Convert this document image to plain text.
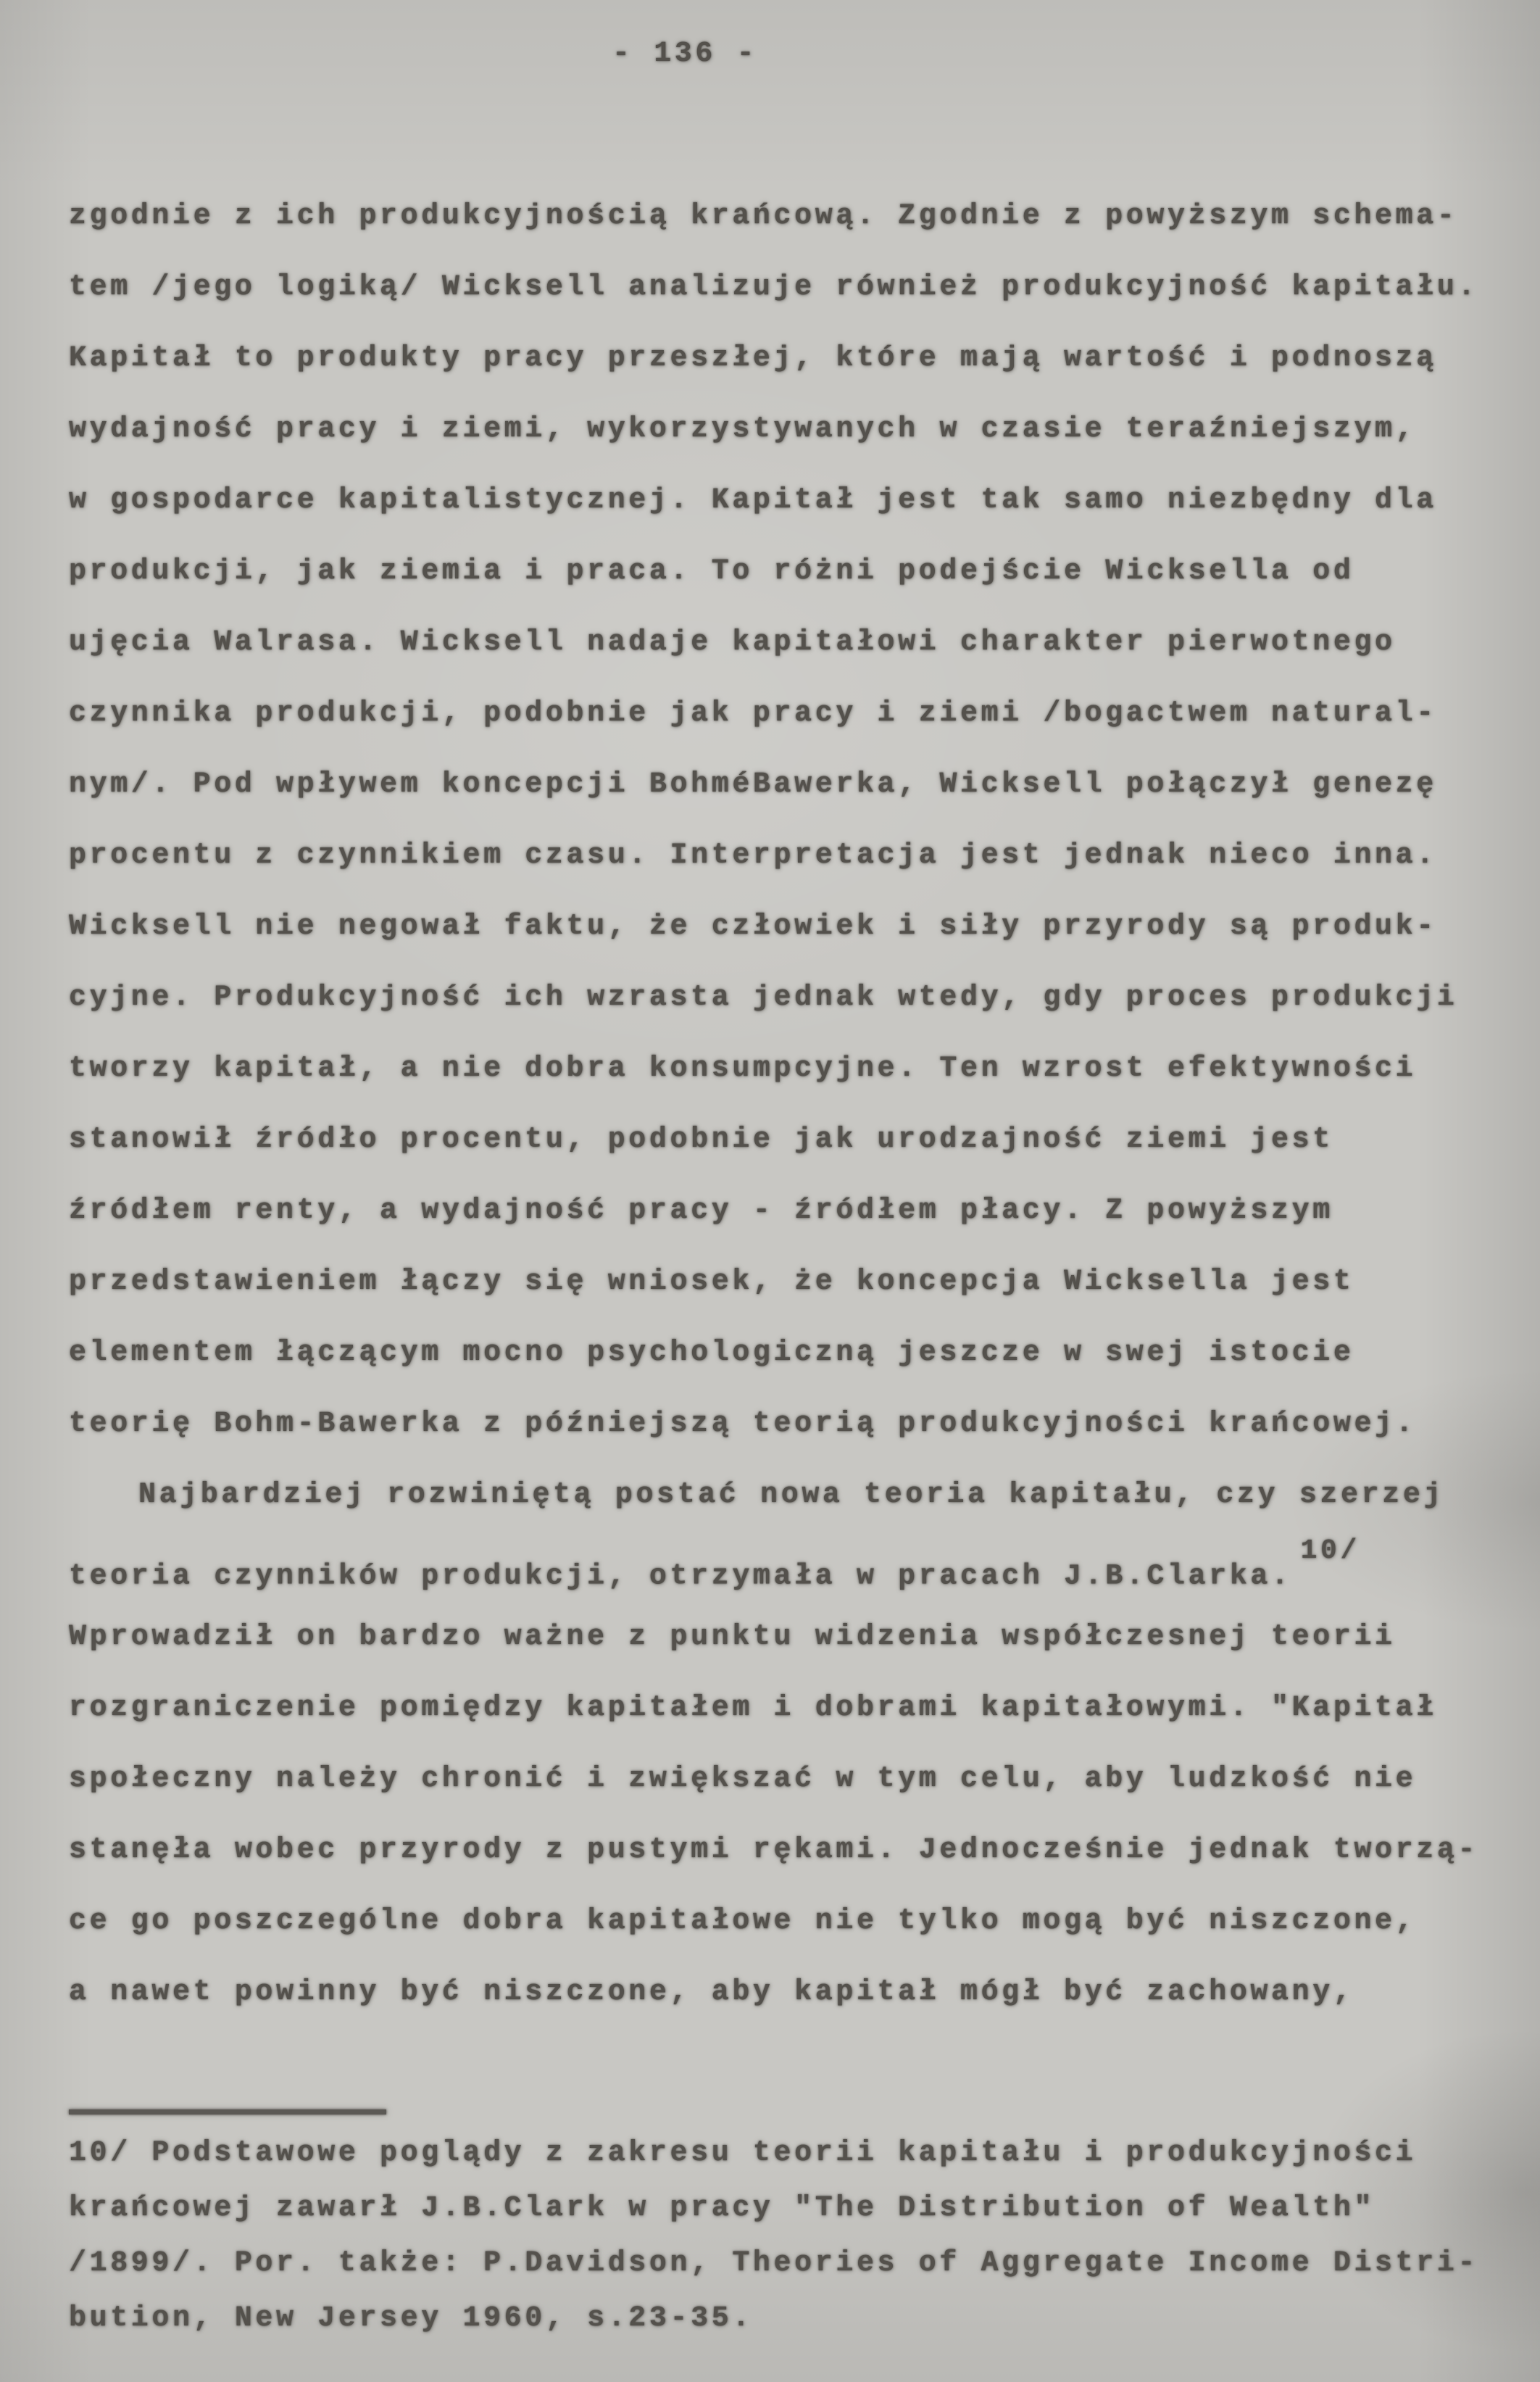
- 136 -
zgodnie z ich produkcyjnością krańcową. Zgodnie z powyższym schema-
tem /jego logiką/ Wicksell analizuje również produkcyjność kapitału.
Kapitał to produkty pracy przeszłej, które mają wartość i podnoszą
wydajność pracy i ziemi, wykorzystywanych w czasie teraźniejszym,
w gospodarce kapitalistycznej. Kapitał jest tak samo niezbędny dla
produkcji, jak ziemia i praca. To różni podejście Wicksella od
ujęcia Walrasa. Wicksell nadaje kapitałowi charakter pierwotnego
czynnika produkcji, podobnie jak pracy i ziemi /bogactwem natural-
nym/. Pod wpływem koncepcji BohméBawerka, Wicksell połączył genezę
procentu z czynnikiem czasu. Interpretacja jest jednak nieco inna.
Wicksell nie negował faktu, że człowiek i siły przyrody są produk-
cyjne. Produkcyjność ich wzrasta jednak wtedy, gdy proces produkcji
tworzy kapitał, a nie dobra konsumpcyjne. Ten wzrost efektywności
stanowił źródło procentu, podobnie jak urodzajność ziemi jest
źródłem renty, a wydajność pracy - źródłem płacy. Z powyższym
przedstawieniem łączy się wniosek, że koncepcja Wicksella jest
elementem łączącym mocno psychologiczną jeszcze w swej istocie
teorię Bohm-Bawerka z późniejszą teorią produkcyjności krańcowej.
Najbardziej rozwiniętą postać nowa teoria kapitału, czy szerzej
teoria czynników produkcji, otrzymała w pracach J.B.Clarka.$^{10/}$
Wprowadził on bardzo ważne z punktu widzenia współczesnej teorii
rozgraniczenie pomiędzy kapitałem i dobrami kapitałowymi. "Kapitał
społeczny należy chronić i zwiększać w tym celu, aby ludzkość nie
stanęła wobec przyrody z pustymi rękami. Jednocześnie jednak tworzą-
ce go poszczególne dobra kapitałowe nie tylko mogą być niszczone,
a nawet powinny być niszczone, aby kapitał mógł być zachowany,
10/ Podstawowe poglądy z zakresu teorii kapitału i produkcyjności
krańcowej zawarł J.B.Clark w pracy "The Distribution of Wealth"
/1899/. Por. także: P.Davidson, Theories of Aggregate Income Distri-
bution, New Jersey 1960, s.23-35.
